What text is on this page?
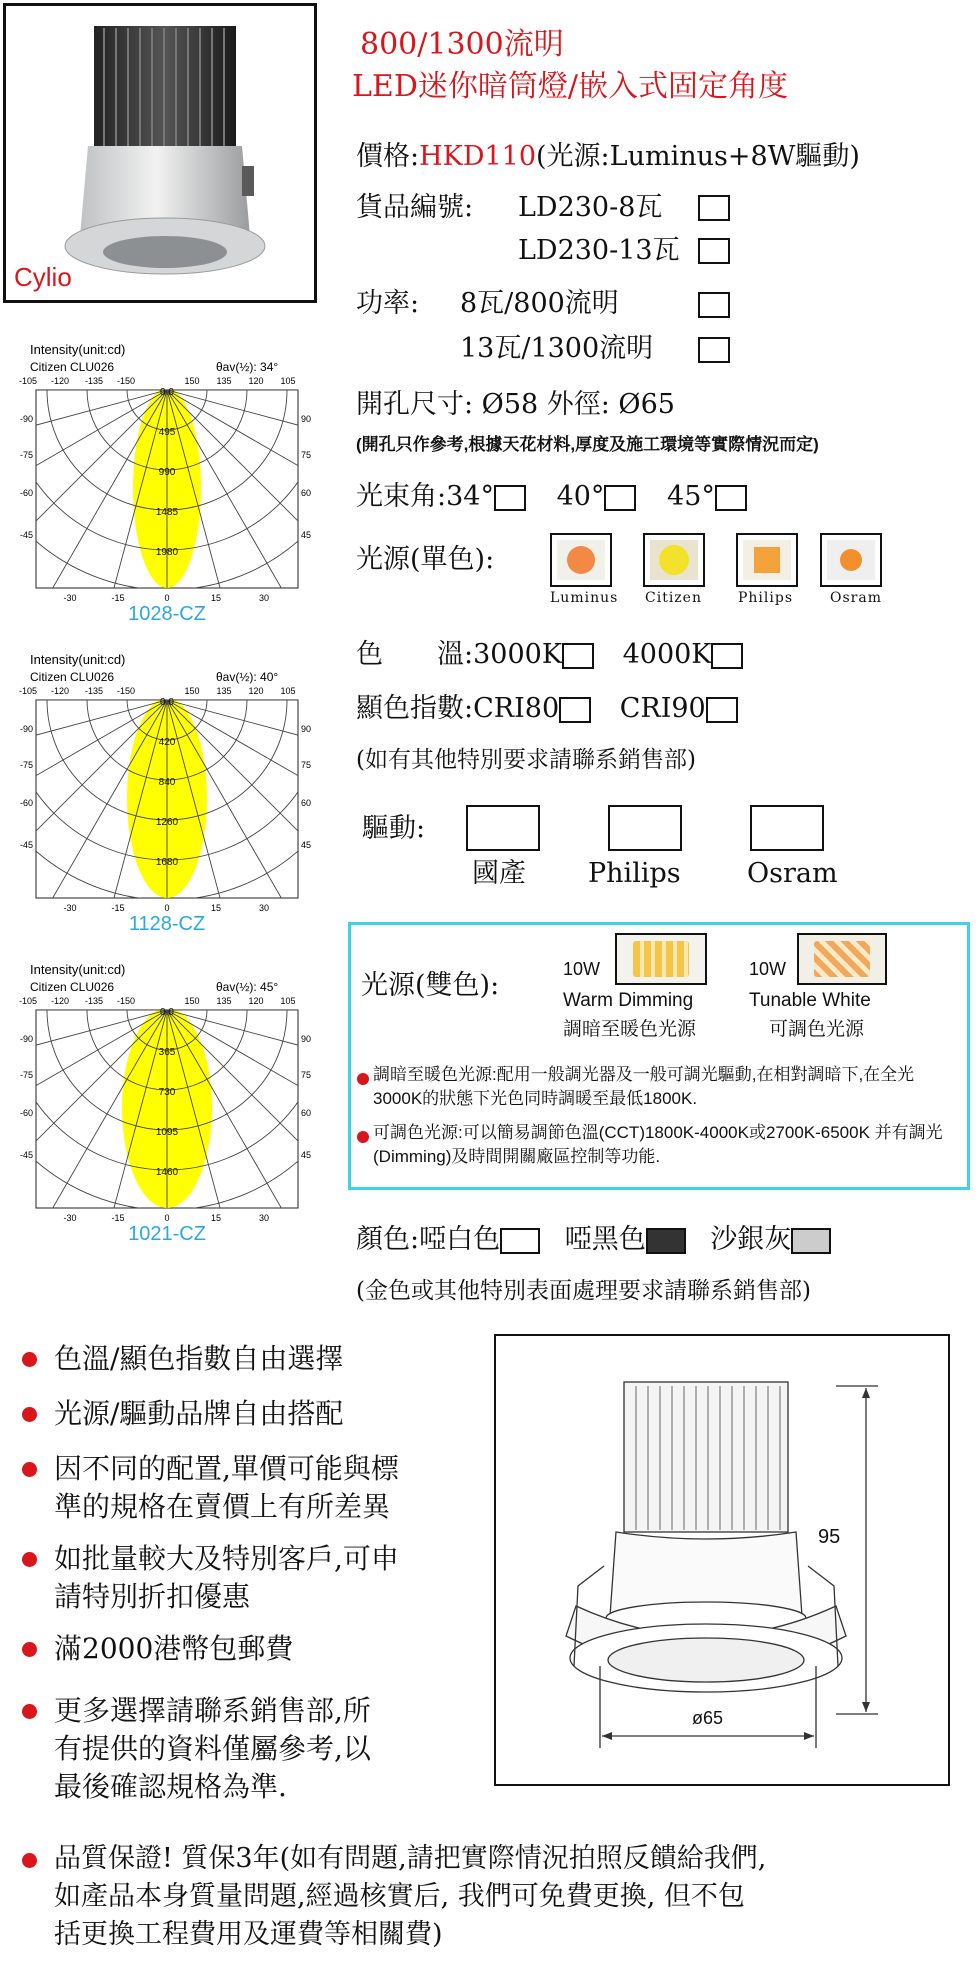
Cylio
800/1300流明
LED迷你暗筒燈/嵌入式固定角度
價格:HKD110(光源:Luminus+8W驅動)
貨品編號: LD230-8瓦
LD230-13瓦
功率: 8瓦/800流明
13瓦/1300流明
開孔尺寸: Ø58 外徑: Ø65
(開孔只作參考,根據天花材料,厚度及施工環境等實際情況而定)
光束角:34° 40° 45°
光源(單色):
Luminus Citizen	Philips	Osram
色　　溫:3000K 4000K
顯色指數:CRI80 CRI90
(如有其他特別要求請聯系銷售部)
驅動:
國產 Philips Osram
光源(雙色):
10W
Warm Dimming
調暗至暖色光源
10W
Tunable White
可調色光源
調暗至暖色光源:配用一般調光器及一般可調光驅動,在相對調暗下,在全光3000K的狀態下光色同時調暖至最低1800K.
可調色光源:可以簡易調節色溫(CCT)1800K-4000K或2700K-6500K 并有調光(Dimming)及時間開關廠區控制等功能.
顏色:啞白色 啞黑色 沙銀灰
(金色或其他特別表面處理要求請聯系銷售部)
0.0
495
990
1485
1980
-105 -120 -135 -150	150 135 120 105
-90
-75
-60
-45
90
75
60
45
-30	-15	0	15	30
Intensity(unit:cd)
Citizen CLU026	θav(½): 34°
1028-CZ
0.0
420
840
1260
1680
-105 -120 -135 -150	150 135 120 105
-90
-75
-60
-45
90
75
60
45
-30	-15	0	15	30
Intensity(unit:cd)
Citizen CLU026	θav(½): 40°
1128-CZ
0.0
365
730
1095
1460
-105 -120 -135 -150	150 135 120 105
-90
-75
-60
-45
90
75
60
45
-30	-15	0	15	30
Intensity(unit:cd)
Citizen CLU026	θav(½): 45°
1021-CZ
色溫/顯色指數自由選擇
光源/驅動品牌自由搭配
因不同的配置,單價可能與標
準的規格在賣價上有所差異
如批量較大及特別客戶,可申
請特別折扣優惠
滿2000港幣包郵費
更多選擇請聯系銷售部,所
有提供的資料僅屬參考,以
最後確認規格為準.
95
ø65
品質保證! 質保3年(如有問題,請把實際情況拍照反饋給我們,
如產品本身質量問題,經過核實后, 我們可免費更換, 但不包
括更換工程費用及運費等相關費)
